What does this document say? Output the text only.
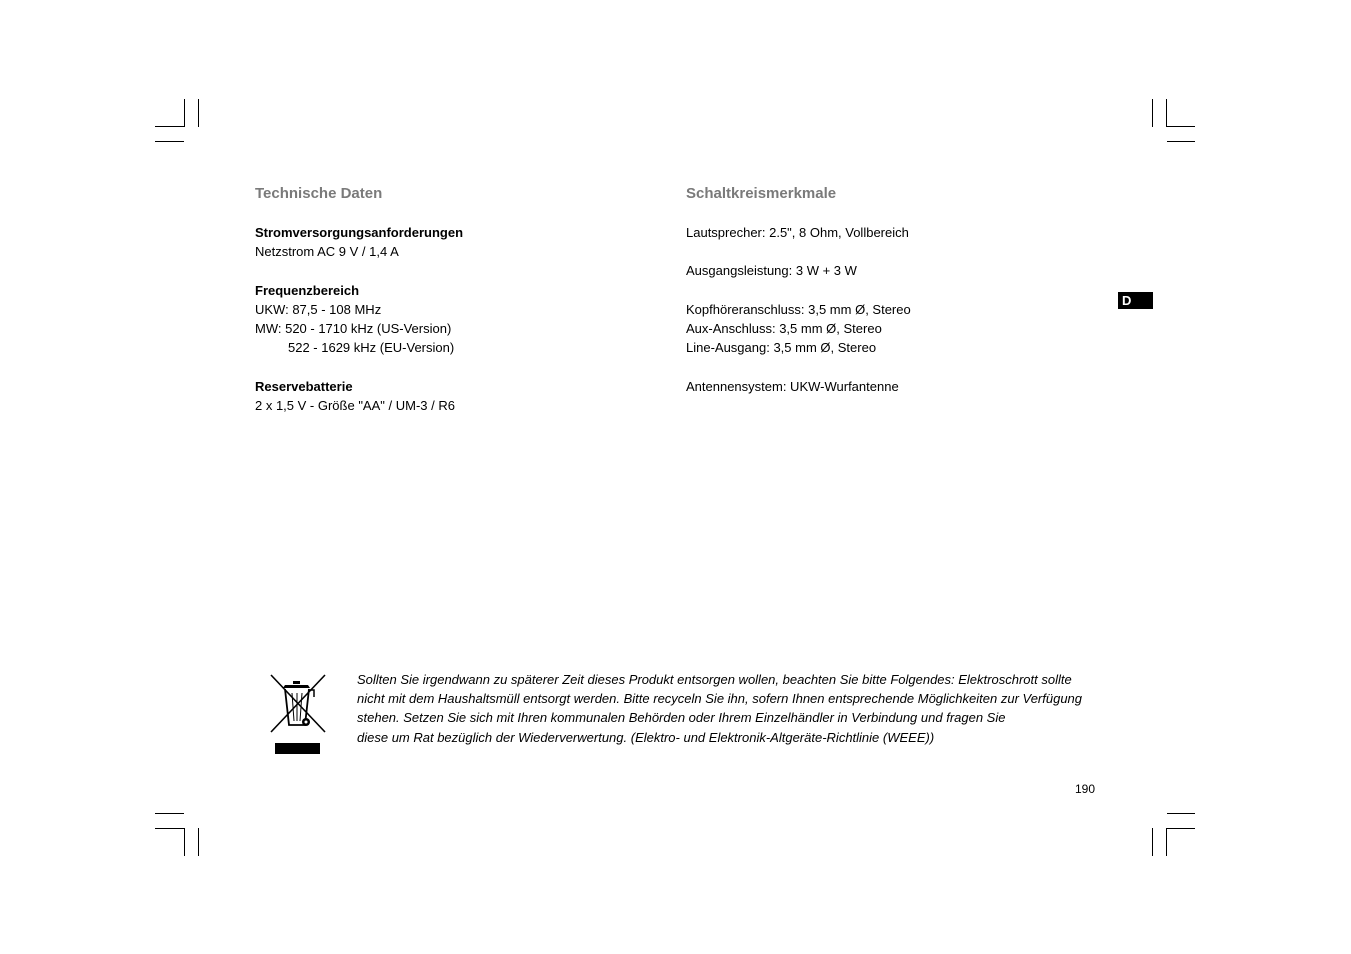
Technische Daten
Stromversorgungsanforderungen
Netzstrom AC 9 V / 1,4 A
Frequenzbereich
UKW: 87,5 - 108 MHz
MW: 520 - 1710 kHz (US-Version)
522 - 1629 kHz (EU-Version)
Reservebatterie
2 x 1,5 V - Größe "AA" / UM-3 / R6
Schaltkreismerkmale
Lautsprecher: 2.5", 8 Ohm, Vollbereich
Ausgangsleistung: 3 W + 3 W
Kopfhöreranschluss: 3,5 mm Ø, Stereo
Aux-Anschluss: 3,5 mm Ø, Stereo
Line-Ausgang: 3,5 mm Ø, Stereo
Antennensystem: UKW-Wurfantenne
D
Sollten Sie irgendwann zu späterer Zeit dieses Produkt entsorgen wollen, beachten Sie bitte Folgendes: Elektroschrott sollte
nicht mit dem Haushaltsmüll entsorgt werden. Bitte recyceln Sie ihn, sofern Ihnen entsprechende Möglichkeiten zur Verfügung
stehen. Setzen Sie sich mit Ihren kommunalen Behörden oder Ihrem Einzelhändler in Verbindung und fragen Sie
diese um Rat bezüglich der Wiederverwertung. (Elektro- und Elektronik-Altgeräte-Richtlinie (WEEE))
190
